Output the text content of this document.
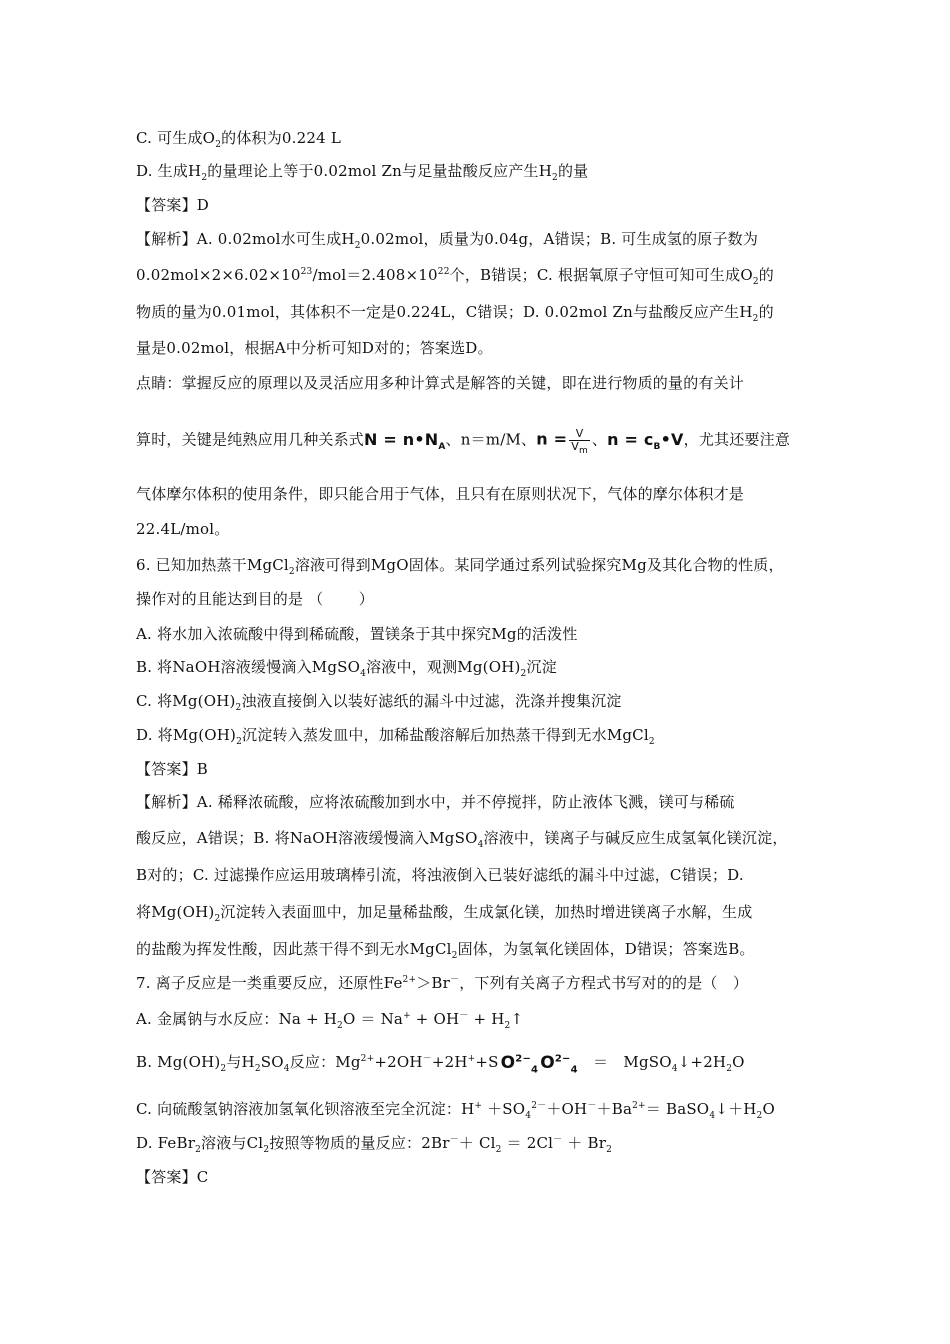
C. 可生成$O_2$的体积为0.224 L
D. 生成$H_2$的量理论上等于0.02mol Zn与足量盐酸反应产生$H_2$的量
【答案】D
【解析】A. 0.02mol水可生成$H_20.02mol$，质量为0.04g，A错误；B. 可生成氢的原子数为
$0.02mol\times 2\times 6.02\times 10^{23}/mol=2.408\times 10^{22}$个，B错误；C. 根据氧原子守恒可知可生成$O_2$的
物质的量为0.01mol，其体积不一定是0.224L，C错误；D. 0.02mol Zn与盐酸反应产生$H_2$的
量是0.02mol，根据A中分析可知D对的；答案选D。
点睛：掌握反应的原理以及灵活应用多种计算式是解答的关键，即在进行物质的量的有关计
算时，关键是纯熟应用几种关系式$N = n•N_A$、n＝m/M、$n = \frac{V}{V_m}$ 、$n = c_B•V$，尤其还要注意
气体摩尔体积的使用条件，即只能合用于气体，且只有在原则状况下，气体的摩尔体积才是
22.4L/mol。
6. 已知加热蒸干MgCl$_2$溶液可得到MgO固体。某同学通过系列试验探究Mg及其化合物的性质，
操作对的且能达到目的是 （　　 ）
A. 将水加入浓硫酸中得到稀硫酸，置镁条于其中探究Mg的活泼性
B. 将NaOH溶液缓慢滴入MgSO$_4$溶液中，观测$Mg(OH)_2$沉淀
C. 将$Mg(OH)_2$浊液直接倒入以装好滤纸的漏斗中过滤，洗涤并搜集沉淀
D. 将$Mg(OH)_2$沉淀转入蒸发皿中，加稀盐酸溶解后加热蒸干得到无水MgCl$_2$
【答案】B
【解析】A. 稀释浓硫酸，应将浓硫酸加到水中，并不停搅拌，防止液体飞溅，镁可与稀硫
酸反应，A错误；B. 将NaOH溶液缓慢滴入MgSO$_4$溶液中，镁离子与碱反应生成氢氧化镁沉淀，
B对的；C. 过滤操作应运用玻璃棒引流，将浊液倒入已装好滤纸的漏斗中过滤，C错误；D.
将$Mg(OH)_2$沉淀转入表面皿中，加足量稀盐酸，生成氯化镁，加热时增进镁离子水解，生成
的盐酸为挥发性酸，因此蒸干得不到无水MgCl$_2$固体，为氢氧化镁固体，D错误；答案选B。
7. 离子反应是一类重要反应，还原性$Fe^{2+}>Br^-$，下列有关离子方程式书写对的的是（　）
A. 金属钠与水反应：$Na + H_2O = Na^+ + OH^-$ + $H_2↑$
B. $Mg(OH)_2$与$H_2SO_4$反应：$Mg^{2+}+2OH^-+2H^++S$ $O^{2-}_4$ $O^{2-}_4$　＝　$MgSO_4↓+2H_2O$
C. 向硫酸氢钠溶液加氢氧化钡溶液至完全沉淀：$H^+ +SO_4^{2-}+OH^-+Ba^{2+}=$ $BaSO_4↓+H_2O$
D. FeBr$_2$溶液与$Cl_2$按照等物质的量反应：$2Br^-+ Cl_2 = 2Cl^- + Br_2$
【答案】C
